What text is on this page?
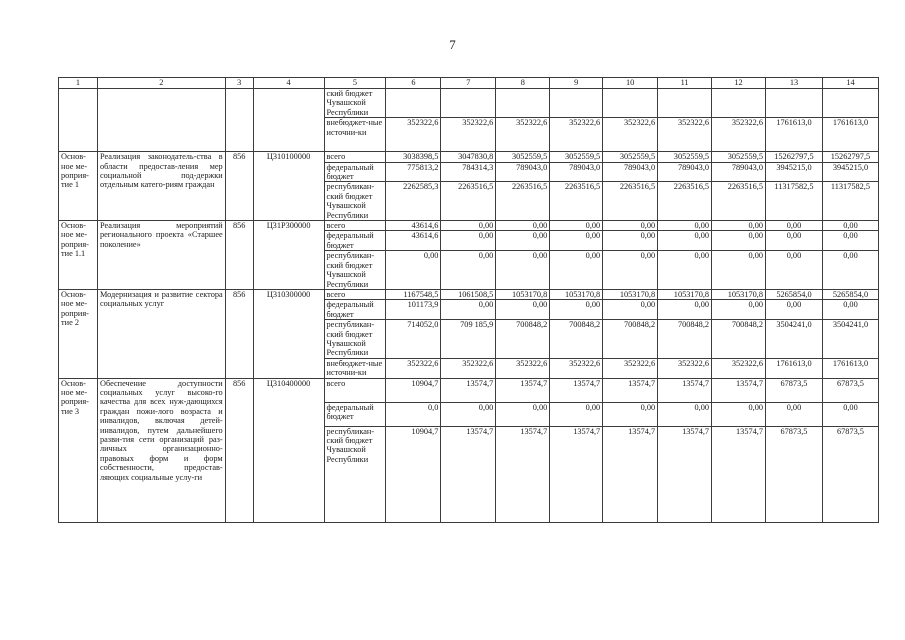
7
1	2	3	4	5	6	7	8	9	10	11	12	13	14
				ский бюджет Чувашской Республики									
				внебюджет-ные источни-ки	352322,6	352322,6	352322,6	352322,6	352322,6	352322,6	352322,6	1761613,0	1761613,0
Основ-ное ме-роприя-тие 1	Реализация законодатель-ства в области предостав-ления мер социальной под-держки отдельным катего-риям граждан	856	Ц310100000	всего	3038398,5	3047830,8	3052559,5	3052559,5	3052559,5	3052559,5	3052559,5	15262797,5	15262797,5
				федеральный бюджет	775813,2	784314,3	789043,0	789043,0	789043,0	789043,0	789043,0	3945215,0	3945215,0
				республикан-ский бюджет Чувашской Республики	2262585,3	2263516,5	2263516,5	2263516,5	2263516,5	2263516,5	2263516,5	11317582,5	11317582,5
Основ-ное ме-роприя-тие 1.1	Реализация мероприятий регионального проекта «Старшее поколение»	856	Ц31Р300000	всего	43614,6	0,00	0,00	0,00	0,00	0,00	0,00	0,00	0,00
				федеральный бюджет	43614,6	0,00	0,00	0,00	0,00	0,00	0,00	0,00	0,00
				республикан-ский бюджет Чувашской Республики	0,00	0,00	0,00	0,00	0,00	0,00	0,00	0,00	0,00
Основ-ное ме-роприя-тие 2	Модернизация и развитие сектора социальных услуг	856	Ц310300000	всего	1167548,5	1061508,5	1053170,8	1053170,8	1053170,8	1053170,8	1053170,8	5265854,0	5265854,0
				федеральный бюджет	101173,9	0,00	0,00	0,00	0,00	0,00	0,00	0,00	0,00
				республикан-ский бюджет Чувашской Республики	714052,0	709 185,9	700848,2	700848,2	700848,2	700848,2	700848,2	3504241,0	3504241,0
				внебюджет-ные источни-ки	352322,6	352322,6	352322,6	352322,6	352322,6	352322,6	352322,6	1761613,0	1761613,0
Основ-ное ме-роприя-тие 3	Обеспечение доступности социальных услуг высоко-го качества для всех нуж-дающихся граждан пожи-лого возраста и инвалидов, включая детей-инвалидов, путем дальнейшего разви-тия сети организаций раз-личных организационно-правовых форм и форм собственности, предостав-ляющих социальные услу-ги	856	Ц310400000	всего	10904,7	13574,7	13574,7	13574,7	13574,7	13574,7	13574,7	67873,5	67873,5
				федеральный бюджет	0,0	0,00	0,00	0,00	0,00	0,00	0,00	0,00	0,00
				республикан-ский бюджет Чувашской Республики	10904,7	13574,7	13574,7	13574,7	13574,7	13574,7	13574,7	67873,5	67873,5
